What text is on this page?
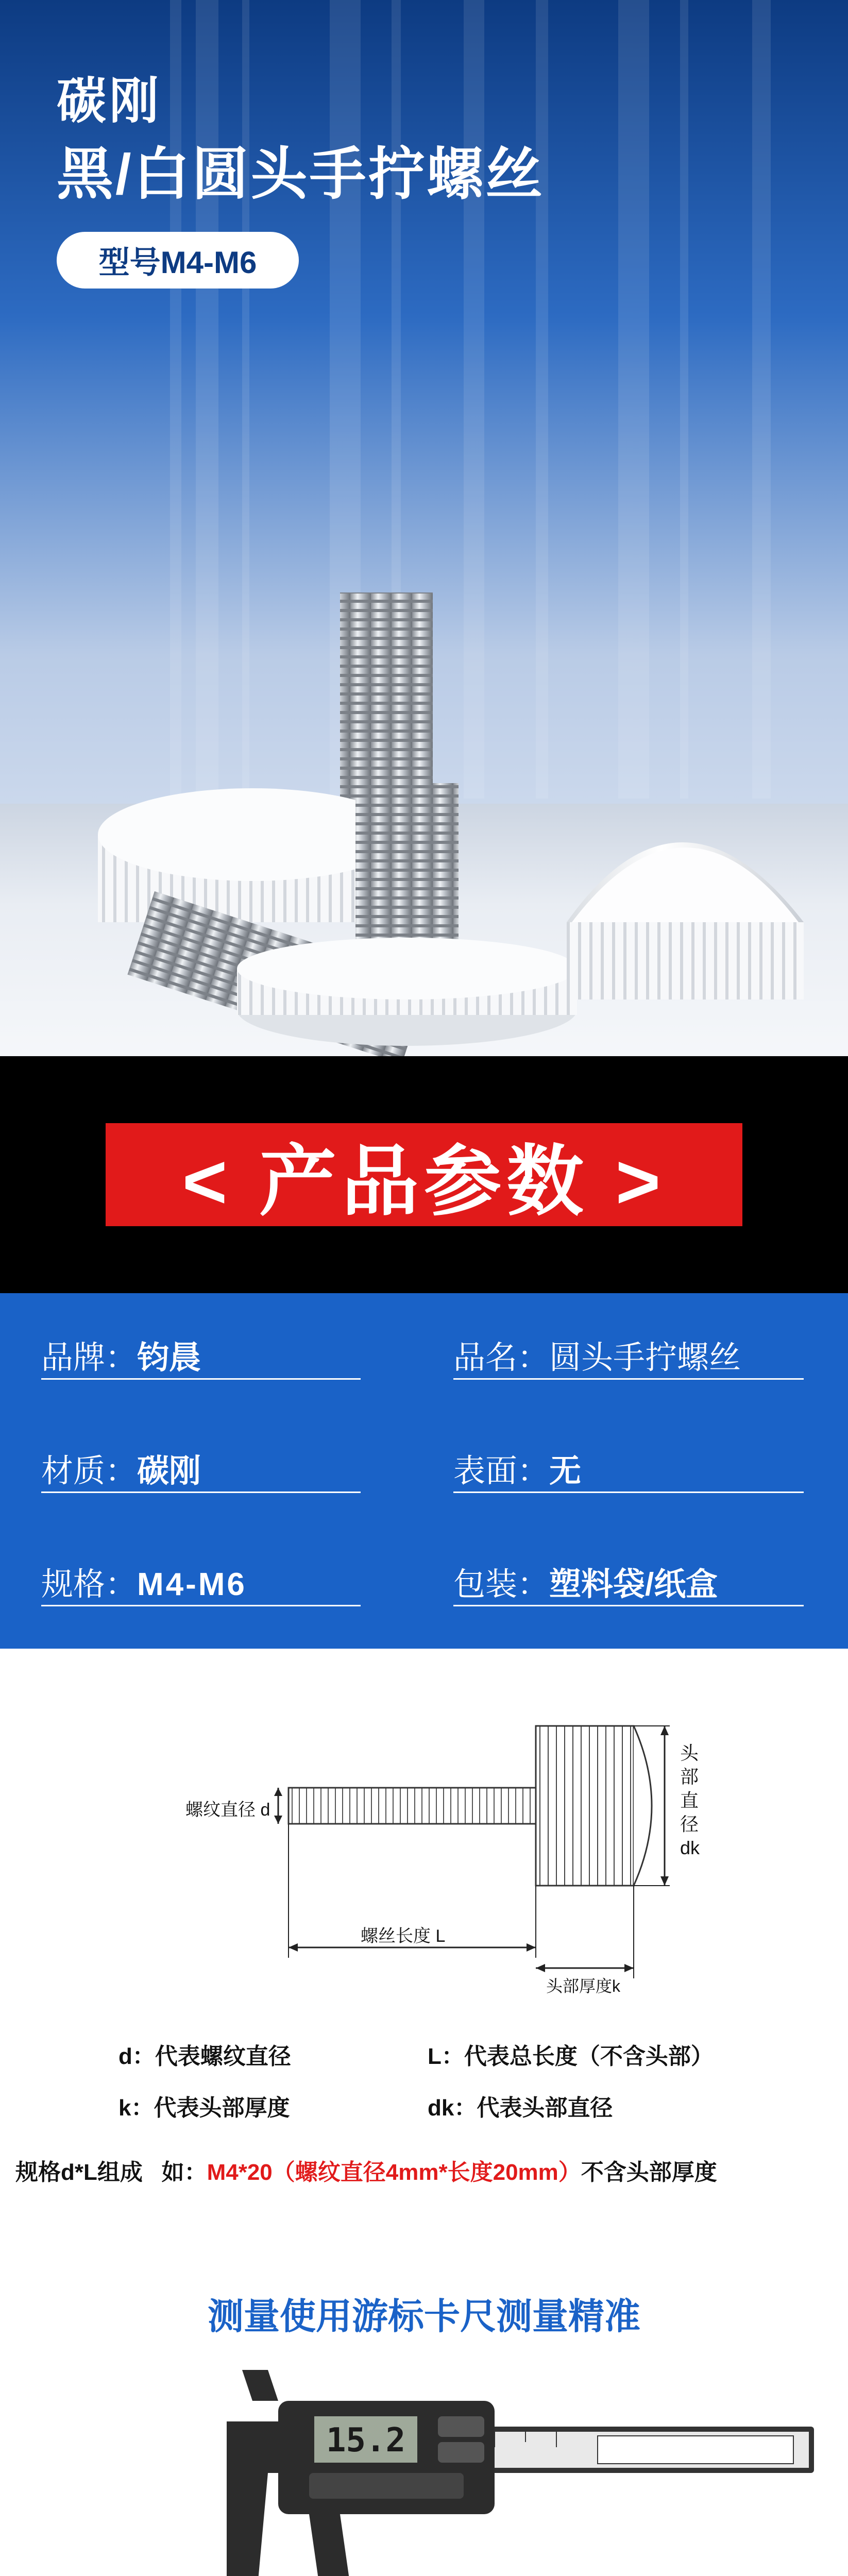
碳刚
黑/白圆头手拧螺丝
型号M4-M6
< 产品参数 >
品牌：钧晨	品名：圆头手拧螺丝
材质：碳刚	表面：无
规格：M4-M6	包装：塑料袋/纸盒
螺纹直径 d
螺丝长度 L
头部直径dk
头部厚度k
d：代表螺纹直径	L：代表总长度（不含头部）
k：代表头部厚度	dk：代表头部直径
规格d*L组成 如：M4*20（螺纹直径4mm*长度20mm）不含头部厚度
测量使用游标卡尺测量精准
15.2
